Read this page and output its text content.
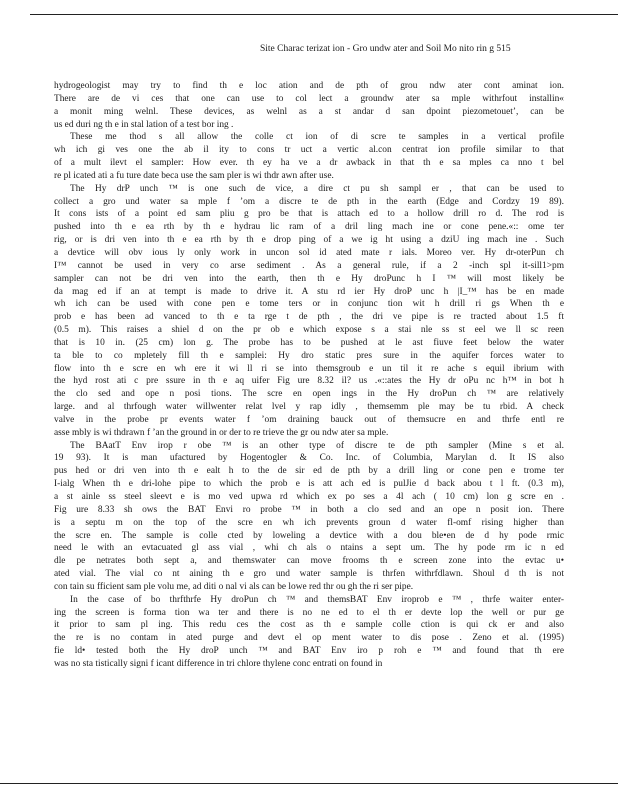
Site Charac terizat ion - Gro undw ater and Soil Mo nito rin g 515
hydrogeologist may try to find th e loc ation and de pth of grou ndw ater cont aminat ion.
There are de vi ces that one can use to col lect a groundw ater sa mple withrfout installin«
a monit ming welnl. These devices, as welnl as a st andar d san dpoint piezometouet’, can be
us ed duri ng th e in stal lation of a test bor ing .
These me thod s all allow the colle ct ion of di scre te samples in a vertical profile
wh ich gi ves one the ab il ity to cons tr uct a vertic al.con centrat ion profile similar to that
of a mult ilevt el sampler: How ever. th ey ha ve a dr awback in that th e sa mples ca nno t bel
re pl icated ati a fu ture date beca use the sam pler is wi thdr awn after use.
The Hy drP unch ™ is one such de vice, a dire ct pu sh sampl er , that can be used to
collect a gro und water sa mple f ’om a discre te de pth in the earth (Edge and Cordzy 19 89).
It cons ists of a point ed sam pliu g pro be that is attach ed to a hollow drill ro d. The rod is
pushed into th e ea rth by th e hydrau lic ram of a dril ling mach ine or cone pene.«:: ome ter
rig, or is dri ven into th e ea rth by th e drop ping of a we ig ht using a dziU ing mach ine . Such
a devtice will obv ious ly only work in uncon sol id ated mate r ials. Moreo ver. Hy dr-oterPun ch
I™ cannot be used in very co arse sediment . As a general rule, if a 2 -inch spl it-sill1>pm
sampler can not be dri ven into the earth, then th e Hy droPunc h I ™ will most likely be
da mag ed if an at tempt is made to drive it. A stu rd ier Hy droP unc h |I_™ has be en made
wh ich can be used with cone pen e tome ters or in conjunc tion wit h drill ri gs When th e
prob e has been ad vanced to th e ta rge t de pth , the dri ve pipe is re tracted about 1.5 ft
(0.5 m). This raises a shiel d on the pr ob e which expose s a stai nle ss st eel we ll sc reen
that is 10 in. (25 cm) lon g. The probe has to be pushed at le ast fiuve feet below the water
ta ble to co mpletely fill th e samplei: Hy dro static pres sure in the aquifer forces water to
flow into th e scre en wh ere it wi ll ri se into themsgroub e un til it re ache s equil ibrium with
the hyd rost ati c pre ssure in th e aq uifer Fig ure 8.32 il? us .«::ates the Hy dr oPu nc h™ in bot h
the clo sed and ope n posi tions. The scre en open ings in the Hy droPun ch ™ are relatively
large. and al thrfough water willwenter relat lvel y rap idly , themsemm ple may be tu rbid. A check
valve in the probe pr events water f ’om draining bauck out of themsucre en and thrfe entl re
asse mbly is wi thdrawn f ’an the ground in or der to re trieve the gr ou ndw ater sa mple.
The BAatT Env irop r obe ™ is an other type of discre te de pth sampler (Mine s et al.
19 93). It is man ufactured by Hogentogler & Co. Inc. of Columbia, Marylan d. It IS also
pus hed or dri ven into th e ealt h to the de sir ed de pth by a drill ling or cone pen e trome ter
I-ialg When th e dri-lohe pipe to which the prob e is att ach ed is pulJie d back abou t l ft. (0.3 m),
a st ainle ss steel sleevt e is mo ved upwa rd which ex po ses a 4l ach ( 10 cm) lon g scre en .
Fig ure 8.33 sh ows the BAT Envi ro probe ™ in both a clo sed and an ope n posit ion. There
is a septu m on the top of the scre en wh ich prevents groun d water fl-omf rising higher than
the scre en. The sample is colle cted by loweling a devtice with a dou ble•en de d hy pode rmic
need le with an evtacuated gl ass vial , whi ch als o ntains a sept um. The hy pode rm ic n ed
dle pe netrates both sept a, and themswater can move frooms th e screen zone into the evtac u•
ated vial. The vial co nt aining th e gro und water sample is thrfen withrfdlawn. Shoul d th is not
con tain su fficient sam ple volu me, ad diti o nal vi als can be lowe red thr ou gh the ri ser pipe.
In the case of bo thrfthrfe Hy droPun ch ™ and themsBAT Env iroprob e ™ , thrfe waiter enter-
ing the screen is forma tion wa ter and there is no ne ed to el th er devte lop the well or pur ge
it prior to sam pl ing. This redu ces the cost as th e sample colle ction is qui ck er and also
the re is no contam in ated purge and devt el op ment water to dis pose . Zeno et al. (1995)
fie ld• tested both the Hy droP unch ™ and BAT Env iro p roh e ™ and found that th ere
was no sta tistically signi f icant difference in tri chlore thylene conc entrati on found in
